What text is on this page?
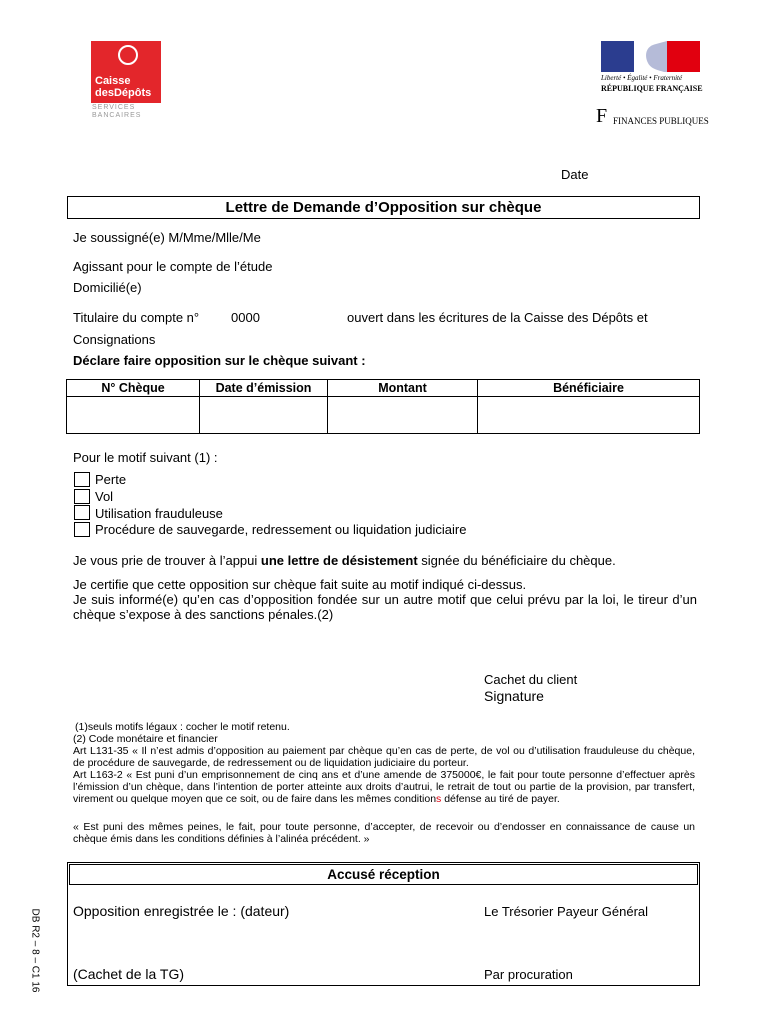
Caisse
desDépôts
SERVICES
BANCAIRES
Liberté • Égalité • Fraternité
RÉPUBLIQUE FRANÇAISE
F FINANCES PUBLIQUES
Date
Lettre de Demande d’Opposition sur chèque
Je soussigné(e) M/Mme/Mlle/Me
Agissant pour le compte de l’étude
Domicilié(e)
Titulaire du compte n° 0000	ouvert dans les écritures de la Caisse des Dépôts et
Consignations
Déclare faire opposition sur le chèque suivant :
N° Chèque	Date d’émission	Montant	Bénéficiaire

Pour le motif suivant (1) :
Perte
Vol
Utilisation frauduleuse
Procédure de sauvegarde, redressement ou liquidation judiciaire
Je vous prie de trouver à l’appui une lettre de désistement signée du bénéficiaire du chèque.
Je certifie que cette opposition sur chèque fait suite au motif indiqué ci-dessus.
Je suis informé(e) qu’en cas d’opposition fondée sur un autre motif que celui prévu par la loi, le tireur d’un chèque s’expose à des sanctions pénales.(2)
Cachet du client
Signature
(1)seuls motifs légaux : cocher le motif retenu.
(2) Code monétaire et financier
Art L131-35 « Il n’est admis d’opposition au paiement par chèque qu’en cas de perte, de vol ou d’utilisation frauduleuse du chèque, de procédure de sauvegarde, de redressement ou de liquidation judiciaire du porteur.
Art L163-2 « Est puni d’un emprisonnement de cinq ans et d’une amende de 375000€, le fait pour toute personne d’effectuer après l’émission d’un chèque, dans l’intention de porter atteinte aux droits d’autrui, le retrait de tout ou partie de la provision, par transfert, virement ou quelque moyen que ce soit, ou de faire dans les mêmes conditions défense au tiré de payer.
« Est puni des mêmes peines, le fait, pour toute personne, d’accepter, de recevoir ou d’endosser en connaissance de cause un chèque émis dans les conditions définies à l’alinéa précédent. »
Accusé réception
Opposition enregistrée le : (dateur)	Le Trésorier Payeur Général
(Cachet de la TG)	Par procuration
DB R2 – 8 – C1 16
